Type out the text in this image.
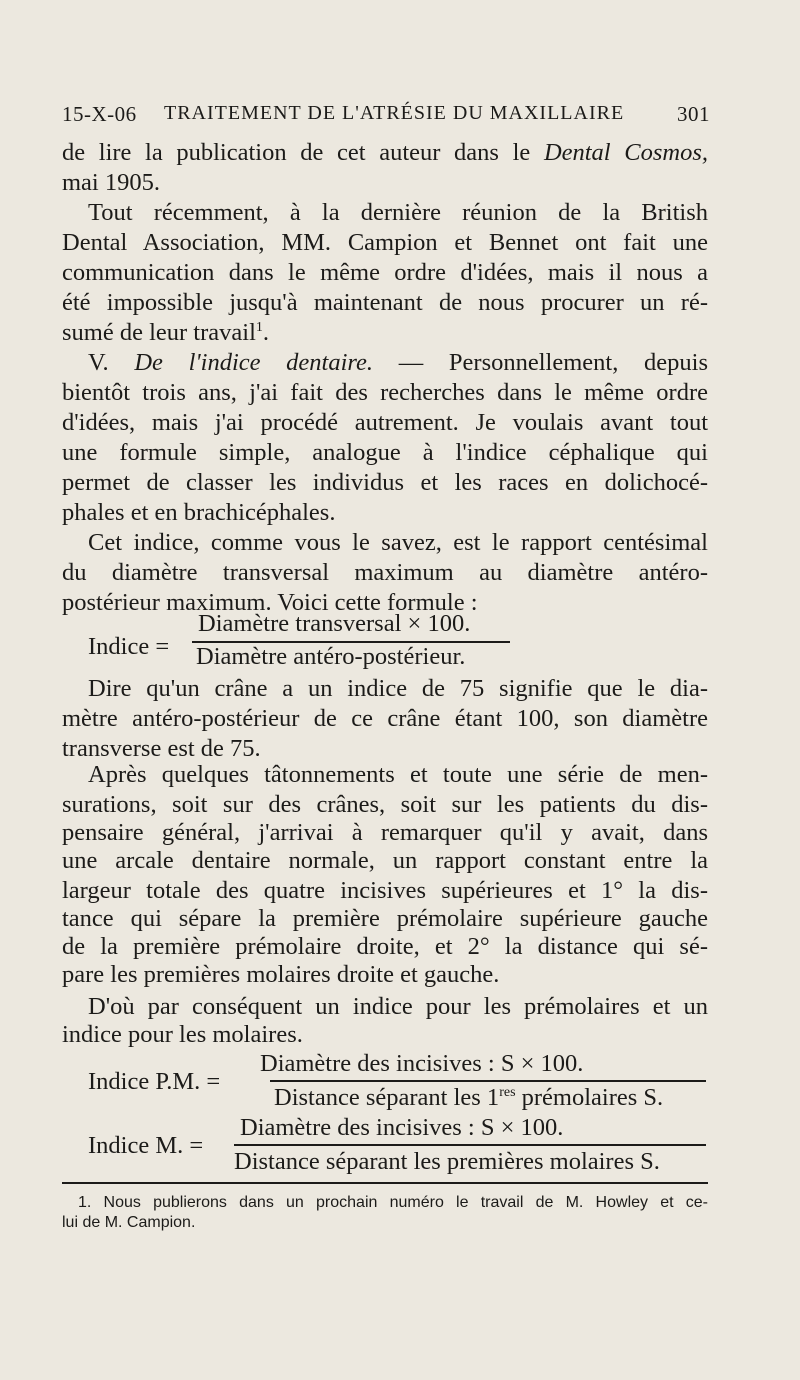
15-X-06 TRAITEMENT DE L'ATRÉSIE DU MAXILLAIRE	301
de lire la publication de cet auteur dans le Dental Cosmos,
mai 1905.
Tout récemment, à la dernière réunion de la British
Dental Association, MM. Campion et Bennet ont fait une
communication dans le même ordre d'idées, mais il nous a
été impossible jusqu'à maintenant de nous procurer un ré-
sumé de leur travail$^1$.
V. De l'indice dentaire. — Personnellement, depuis
bientôt trois ans, j'ai fait des recherches dans le même ordre
d'idées, mais j'ai procédé autrement. Je voulais avant tout
une formule simple, analogue à l'indice céphalique qui
permet de classer les individus et les races en dolichocé-
phales et en brachicéphales.
Cet indice, comme vous le savez, est le rapport centésimal
du diamètre transversal maximum au diamètre antéro-
postérieur maximum. Voici cette formule :
Indice =
Diamètre transversal × 100.
Diamètre antéro-postérieur.
Dire qu'un crâne a un indice de 75 signifie que le dia-
mètre antéro-postérieur de ce crâne étant 100, son diamètre
transverse est de 75.
Après quelques tâtonnements et toute une série de men-
surations, soit sur des crânes, soit sur les patients du dis-
pensaire général, j'arrivai à remarquer qu'il y avait, dans
une arcale dentaire normale, un rapport constant entre la
largeur totale des quatre incisives supérieures et 1° la dis-
tance qui sépare la première prémolaire supérieure gauche
de la première prémolaire droite, et 2° la distance qui sé-
pare les premières molaires droite et gauche.
D'où par conséquent un indice pour les prémolaires et un
indice pour les molaires.
Indice P.M. =
Diamètre des incisives : S × 100.
Distance séparant les 1res prémolaires S.
Indice M. =
Diamètre des incisives : S × 100.
Distance séparant les premières molaires S.
1. Nous publierons dans un prochain numéro le travail de M. Howley et ce-
lui de M. Campion.
